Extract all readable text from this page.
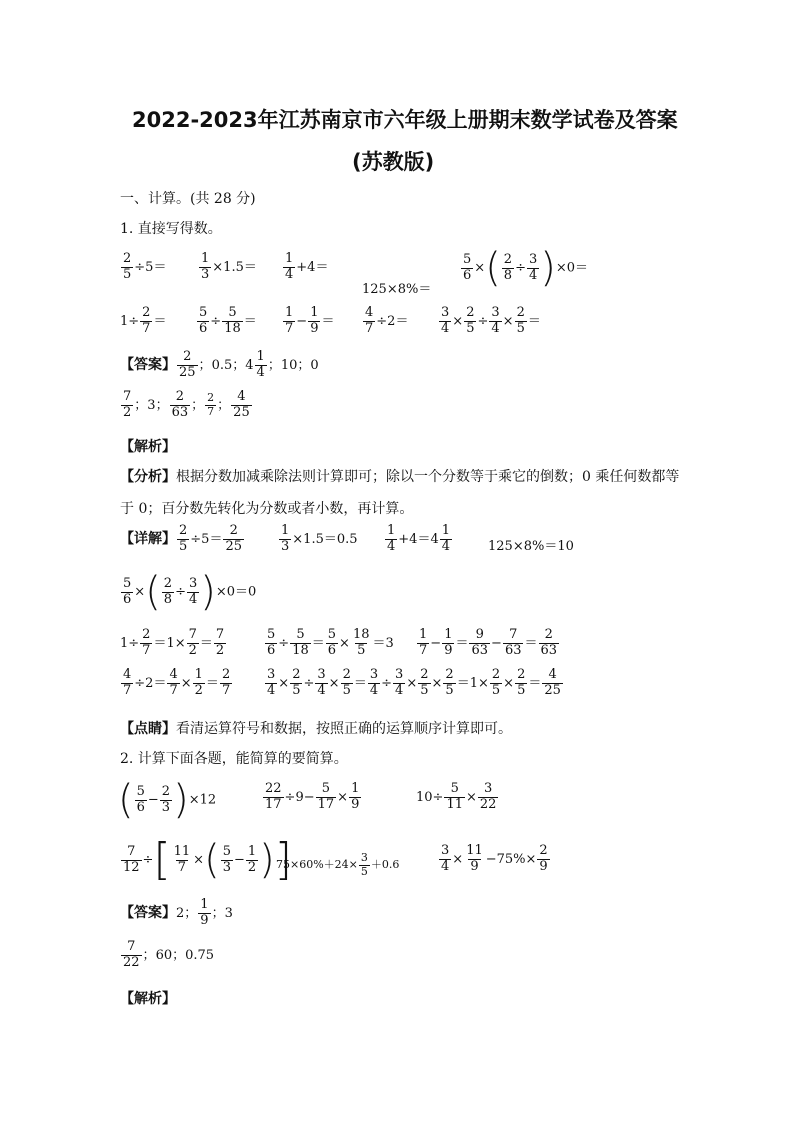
2022-2023年江苏南京市六年级上册期末数学试卷及答案
(苏教版)
一、计算。(共 28 分)
1. 直接写得数。
$\frac{2}{5} \div 5=$	$\frac{1}{3} \times 1.5= \frac{1}{4} +4=$
125×8%＝
$\frac{5}{6}$ ×( $\frac{2}{8} \div \frac{3}{4} )\times 0=$
$1\div \frac{2}{7} = \frac{5}{6} \div \frac{5}{18} = \frac{1}{7} - \frac{1}{9} = \frac{4}{7} \div 2= \frac{3}{4} \times \frac{2}{5} \div \frac{3}{4} \times \frac{2}{5}$ ＝
【答案】 $\frac{2}{25}$ ；0.5；$4 \frac{1}{4}$ ；10；0
$\frac{7}{2}$ ；3； $\frac{2}{63}$ ； $\frac{2}{7}$ ； $\frac{4}{25}$
【解析】
【分析】根据分数加减乘除法则计算即可；除以一个分数等于乘它的倒数；0 乘任何数都等
于 0；百分数先转化为分数或者小数，再计算。
【详解】 $\frac{2}{5} \div 5= \frac{2}{25}$	$\frac{1}{3} \times 1.5=0.5 \frac{1}{4} +4=4 \frac{1}{4}$	125×8%＝10
$\frac{5}{6}$ ×( $\frac{2}{8} \div \frac{3}{4} )\times 0=0$
$1\div \frac{2}{7} =1\times \frac{7}{2} = \frac{7}{2}$	$\frac{5}{6} \div \frac{5}{18} = \frac{5}{6} \times \frac{18}{5} =3 \frac{1}{7} - \frac{1}{9} = \frac{9}{63} - \frac{7}{63} = \frac{2}{63}$
$\frac{4}{7} \div 2= \frac{4}{7} \times \frac{1}{2} = \frac{2}{7}$	$\frac{3}{4} \times \frac{2}{5} \div \frac{3}{4} \times \frac{2}{5} = \frac{3}{4} \div \frac{3}{4} \times \frac{2}{5} \times \frac{2}{5} =1\times \frac{2}{5} \times \frac{2}{5} = \frac{4}{25}$
【点睛】看清运算符号和数据，按照正确的运算顺序计算即可。
2. 计算下面各题，能简算的要简算。
( $\frac{5}{6} - \frac{2}{3} )\times 12$	$\frac{22}{17} \div 9- \frac{5}{17} \times \frac{1}{9}$	$10\div \frac{5}{11} \times \frac{3}{22}$
$\frac{7}{12}$ ÷[ $\frac{11}{7}$ ×( $\frac{5}{3} - \frac{1}{2}$ )]
$75\times 60\%+24\times \frac{3}{5} +0.6$	$\frac{3}{4} \times \frac{11}{9} -75\%\times \frac{2}{9}$
【答案】2； $\frac{1}{9}$ ；3
$\frac{7}{22}$ ；60；0.75
【解析】
